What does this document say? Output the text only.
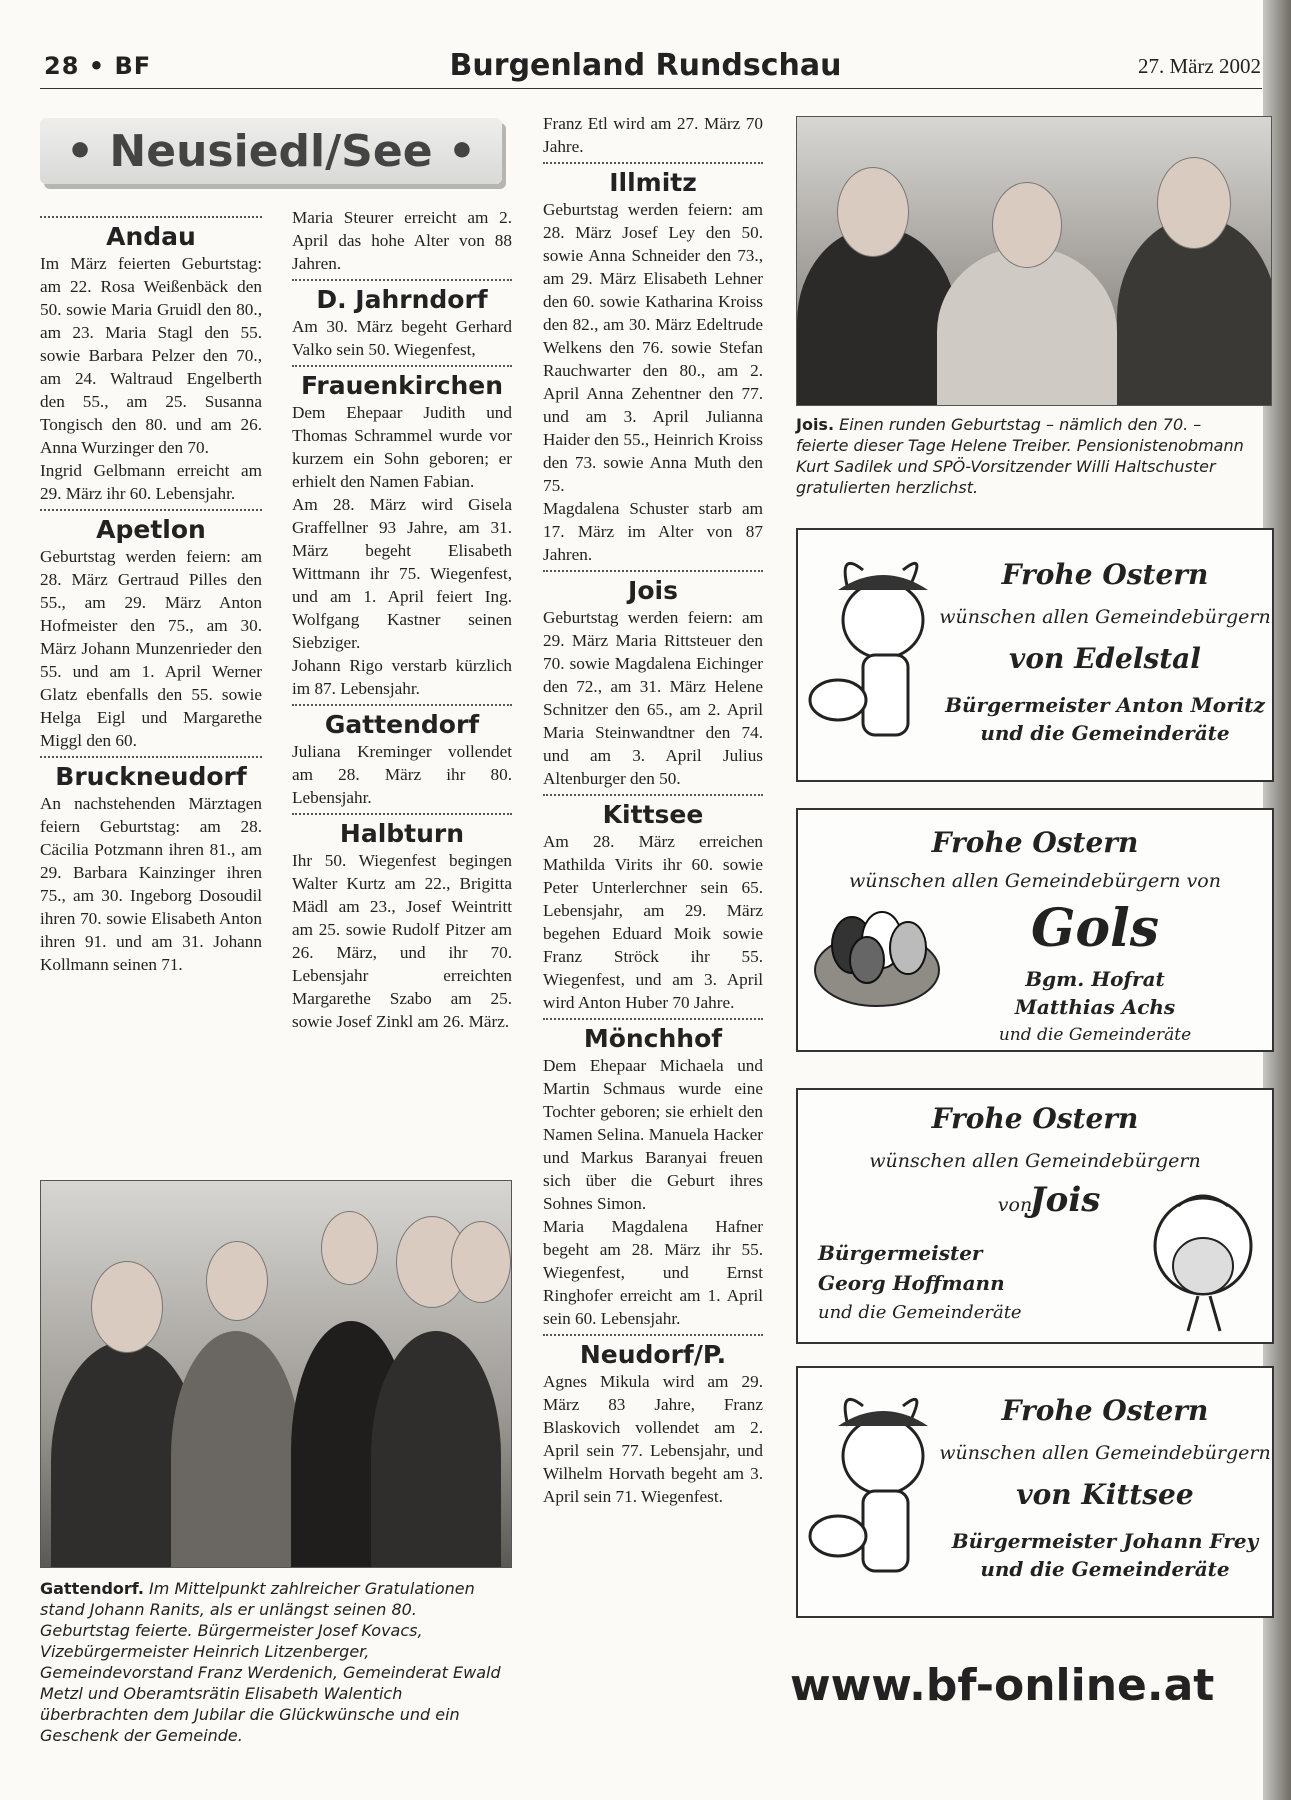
28 • BF	Burgenland Rundschau	27. März 2002
• Neusiedl/See •
Andau

Im März feierten Geburtstag: am 22. Rosa Weißenbäck den 50. sowie Maria Gruidl den 80., am 23. Maria Stagl den 55. sowie Barbara Pelzer den 70., am 24. Waltraud Engelberth den 55., am 25. Susanna Tongisch den 80. und am 26. Anna Wurzinger den 70.

Ingrid Gelbmann erreicht am 29. März ihr 60. Lebensjahr.

Apetlon

Geburtstag werden feiern: am 28. März Gertraud Pilles den 55., am 29. März Anton Hofmeister den 75., am 30. März Johann Munzenrieder den 55. und am 1. April Werner Glatz ebenfalls den 55. sowie Helga Eigl und Margarethe Miggl den 60.

Bruckneudorf

An nachstehenden Märztagen feiern Geburtstag: am 28. Cäcilia Potzmann ihren 81., am 29. Barbara Kainzinger ihren 75., am 30. Ingeborg Dosoudil ihren 70. sowie Elisabeth Anton ihren 91. und am 31. Johann Kollmann seinen 71.

Maria Steurer erreicht am 2. April das hohe Alter von 88 Jahren.

D. Jahrndorf

Am 30. März begeht Gerhard Valko sein 50. Wiegenfest,

Frauenkirchen

Dem Ehepaar Judith und Thomas Schrammel wurde vor kurzem ein Sohn geboren; er erhielt den Namen Fabian.

Am 28. März wird Gisela Graffellner 93 Jahre, am 31. März begeht Elisabeth Wittmann ihr 75. Wiegenfest, und am 1. April feiert Ing. Wolfgang Kastner seinen Siebziger.

Johann Rigo verstarb kürzlich im 87. Lebensjahr.

Gattendorf

Juliana Kreminger vollendet am 28. März ihr 80. Lebensjahr.

Halbturn

Ihr 50. Wiegenfest begingen Walter Kurtz am 22., Brigitta Mädl am 23., Josef Weintritt am 25. sowie Rudolf Pitzer am 26. März, und ihr 70. Lebensjahr erreichten Margarethe Szabo am 25. sowie Josef Zinkl am 26. März.

Franz Etl wird am 27. März 70 Jahre.

Illmitz

Geburtstag werden feiern: am 28. März Josef Ley den 50. sowie Anna Schneider den 73., am 29. März Elisabeth Lehner den 60. sowie Katharina Kroiss den 82., am 30. März Edeltrude Welkens den 76. sowie Stefan Rauchwarter den 80., am 2. April Anna Zehentner den 77. und am 3. April Julianna Haider den 55., Heinrich Kroiss den 73. sowie Anna Muth den 75.

Magdalena Schuster starb am 17. März im Alter von 87 Jahren.

Jois

Geburtstag werden feiern: am 29. März Maria Rittsteuer den 70. sowie Magdalena Eichinger den 72., am 31. März Helene Schnitzer den 65., am 2. April Maria Steinwandtner den 74. und am 3. April Julius Altenburger den 50.

Kittsee

Am 28. März erreichen Mathilda Virits ihr 60. sowie Peter Unterlerchner sein 65. Lebensjahr, am 29. März begehen Eduard Moik sowie Franz Ströck ihr 55. Wiegenfest, und am 3. April wird Anton Huber 70 Jahre.

Mönchhof

Dem Ehepaar Michaela und Martin Schmaus wurde eine Tochter geboren; sie erhielt den Namen Selina. Manuela Hacker und Markus Baranyai freuen sich über die Geburt ihres Sohnes Simon.

Maria Magdalena Hafner begeht am 28. März ihr 55. Wiegenfest, und Ernst Ringhofer erreicht am 1. April sein 60. Lebensjahr.

Neudorf/P.

Agnes Mikula wird am 29. März 83 Jahre, Franz Blaskovich vollendet am 2. April sein 77. Lebensjahr, und Wilhelm Horvath begeht am 3. April sein 71. Wiegenfest.

Gattendorf. Im Mittelpunkt zahlreicher Gratulationen stand Johann Ranits, als er unlängst seinen 80. Geburtstag feierte. Bürgermeister Josef Kovacs, Vizebürgermeister Heinrich Litzenberger, Gemeindevorstand Franz Werdenich, Gemeinderat Ewald Metzl und Oberamtsrätin Elisabeth Walentich überbrachten dem Jubilar die Glückwünsche und ein Geschenk der Gemeinde.
Jois. Einen runden Geburtstag – nämlich den 70. – feierte dieser Tage Helene Treiber. Pensionistenobmann Kurt Sadilek und SPÖ-Vorsitzender Willi Haltschuster gratulierten herzlichst.
Frohe Ostern
wünschen allen Gemeindebürgern
von Edelstal
Bürgermeister Anton Moritz
und die Gemeinderäte
Frohe Ostern
wünschen allen Gemeindebürgern von
Gols
Bgm. Hofrat
Matthias Achs
und die Gemeinderäte
Frohe Ostern
wünschen allen Gemeindebürgern
von
Jois
Bürgermeister
Georg Hoffmann
und die Gemeinderäte
Frohe Ostern
wünschen allen Gemeindebürgern
von Kittsee
Bürgermeister Johann Frey
und die Gemeinderäte
www.bf-online.at
